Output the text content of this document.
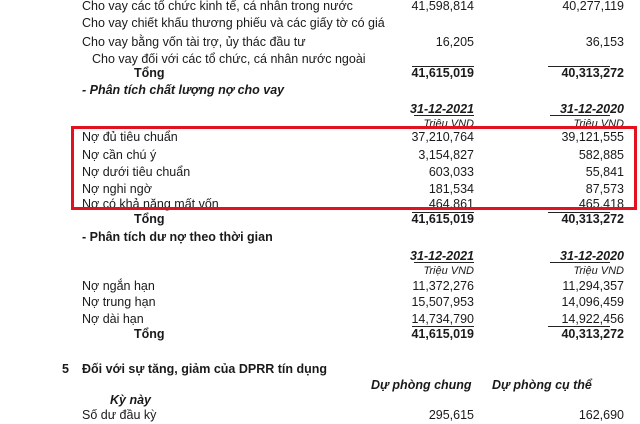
Cho vay các tổ chức kinh tế, cá nhân trong nước	41,598,814	40,277,119
Cho vay chiết khấu thương phiếu và các giấy tờ có giá
Cho vay bằng vốn tài trợ, ủy thác đầu tư	16,205	36,153
Cho vay đối với các tổ chức, cá nhân nước ngoài
Tổng	41,615,019	40,313,272
- Phân tích chất lượng nợ cho vay
31-12-2021	31-12-2020
Triệu VND	Triệu VND
Nợ đủ tiêu chuẩn	37,210,764	39,121,555
Nợ cần chú ý	3,154,827	582,885
Nợ dưới tiêu chuẩn	603,033	55,841
Nợ nghi ngờ	181,534	87,573
Nợ có khả năng mất vốn	464,861	465,418
Tổng	41,615,019	40,313,272
- Phân tích dư nợ theo thời gian
31-12-2021	31-12-2020
Triệu VND	Triệu VND
Nợ ngắn hạn	11,372,276	11,294,357
Nợ trung hạn	15,507,953	14,096,459
Nợ dài hạn	14,734,790	14,922,456
Tổng	41,615,019	40,313,272
5 Đối với sự tăng, giảm của DPRR tín dụng
Dự phòng chung Dự phòng cụ thể
Kỳ này
Số dư đầu kỳ	295,615	162,690
